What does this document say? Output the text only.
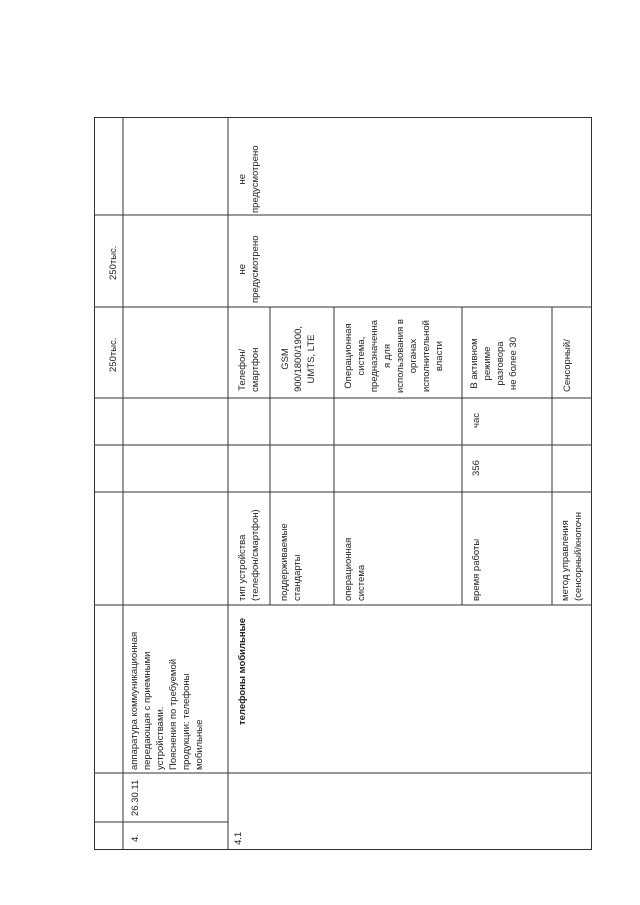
4.
26.30.11
аппаратура коммуникационная передающая с приемными устройствами. Пояснения по требуемой продукции: телефоны мобильные
250тыс.
250тыс.
4.1
телефоны мобильные
не предусмотрено
не предусмотрено
тип устройства (телефон/смартфон)
Телефон/ смартфон
поддерживаемые стандарты
GSM 900/1800/1900, UMTS, LTE
операционная система
Операционная система, предназначенна я для использования в органах исполнительной власти
время работы
356
час
В активном режиме разговора не более 30
метод управления (сенсорный/кнопочн
Сенсорный/
